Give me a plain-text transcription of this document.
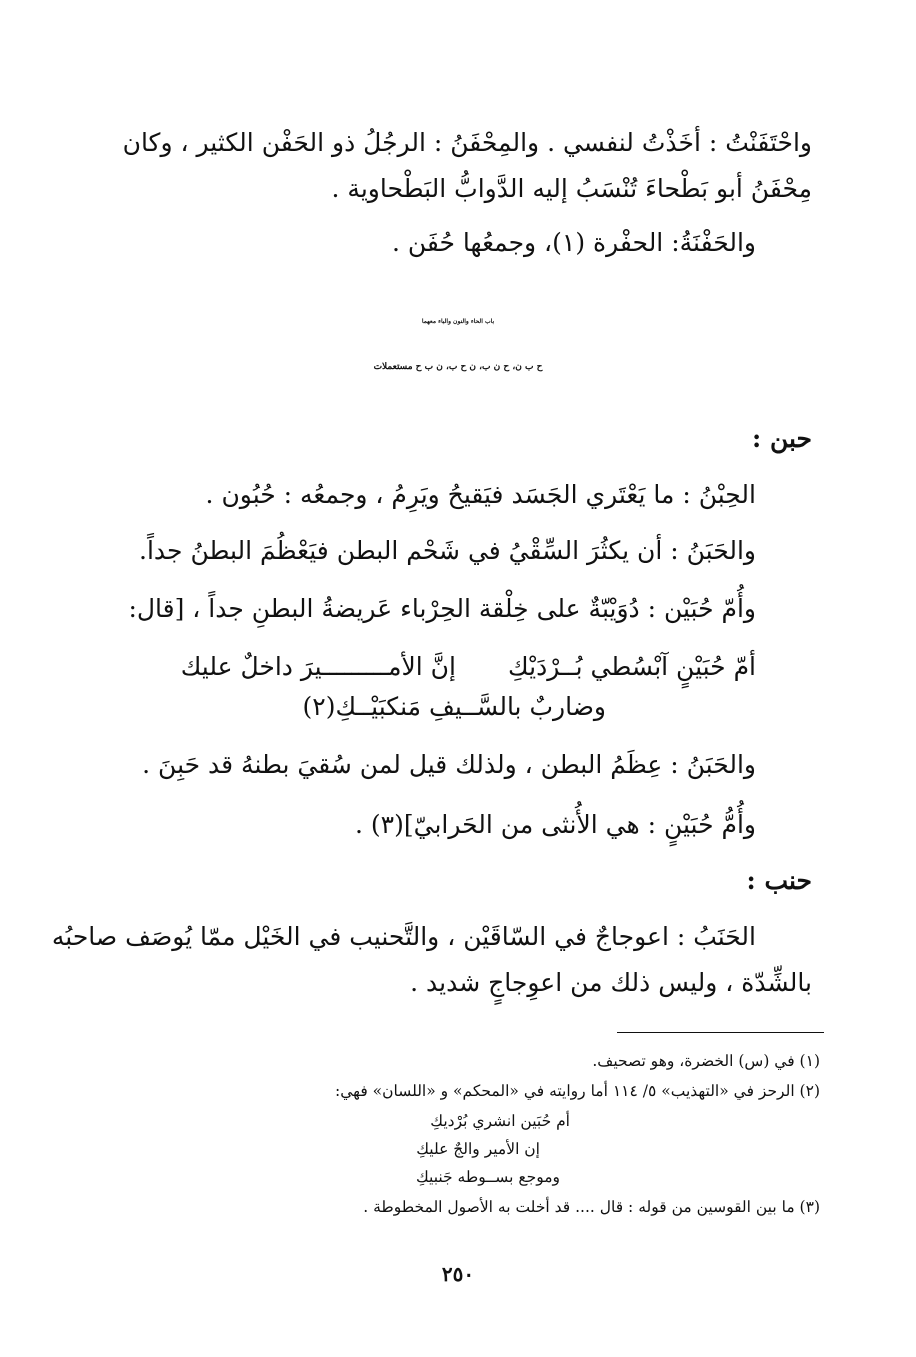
واحْتَفَنْتُ : أخَذْتُ لنفسي . والمِحْفَنُ : الرجُلُ ذو الحَفْن الكثير ، وكان
مِحْفَنُ أبو بَطْحاءَ تُنْسَبُ إليه الدَّوابُّ البَطْحاوية .
والحَفْنَةُ: الحفْرة (١)، وجمعُها حُفَن .
باب الحاء والنون والباء معهما
ح ب ن، ح ن ب، ن ح ب، ن ب ح مستعملات
حبن :
الحِبْنُ : ما يَعْتَري الجَسَد فيَقيحُ ويَرِمُ ، وجمعُه : حُبُون .
والحَبَنُ : أن يكثُرَ السِّقْيُ في شَحْم البطن فيَعْظُمَ البطنُ جداً.
وأُمّ حُبَيْن : دُوَيْبّةٌ على خِلْقة الحِرْباء عَريضةُ البطنِ جداً ، [قال:
أمّ حُبَيْنٍ آبْسُطي بُــرْدَيْكِ
إنَّ الأمـــــــــيرَ داخلٌ عليك
وضاربٌ بالسَّــيفِ مَنكبَيْــكِ(٢)
والحَبَنُ : عِظَمُ البطن ، ولذلك قيل لمن سُقيَ بطنهُ قد حَبِنَ .
وأُمُّ حُبَيْنٍ : هي الأُنثى من الحَرابيّ](٣) .
حنب :
الحَنَبُ : اعوجاجٌ في السّاقَيْن ، والتَّحنيب في الخَيْل ممّا يُوصَف صاحبُه
بالشِّدّة ، وليس ذلك من اعوِجاجٍ شديد .
(١) في (س) الخضرة، وهو تصحيف.
(٢) الرحز في «التهذيب» ٥/ ١١٤ أما روايته في «المحكم» و «اللسان» فهي:
أم حُبَين انشري بُرْديكِ
إن الأمير والجٌ عليكِ
وموجع بســوطه جَنبيكِ
(٣) ما بين القوسين من قوله : قال .... قد أخلت به الأصول المخطوطة .
٢٥٠
